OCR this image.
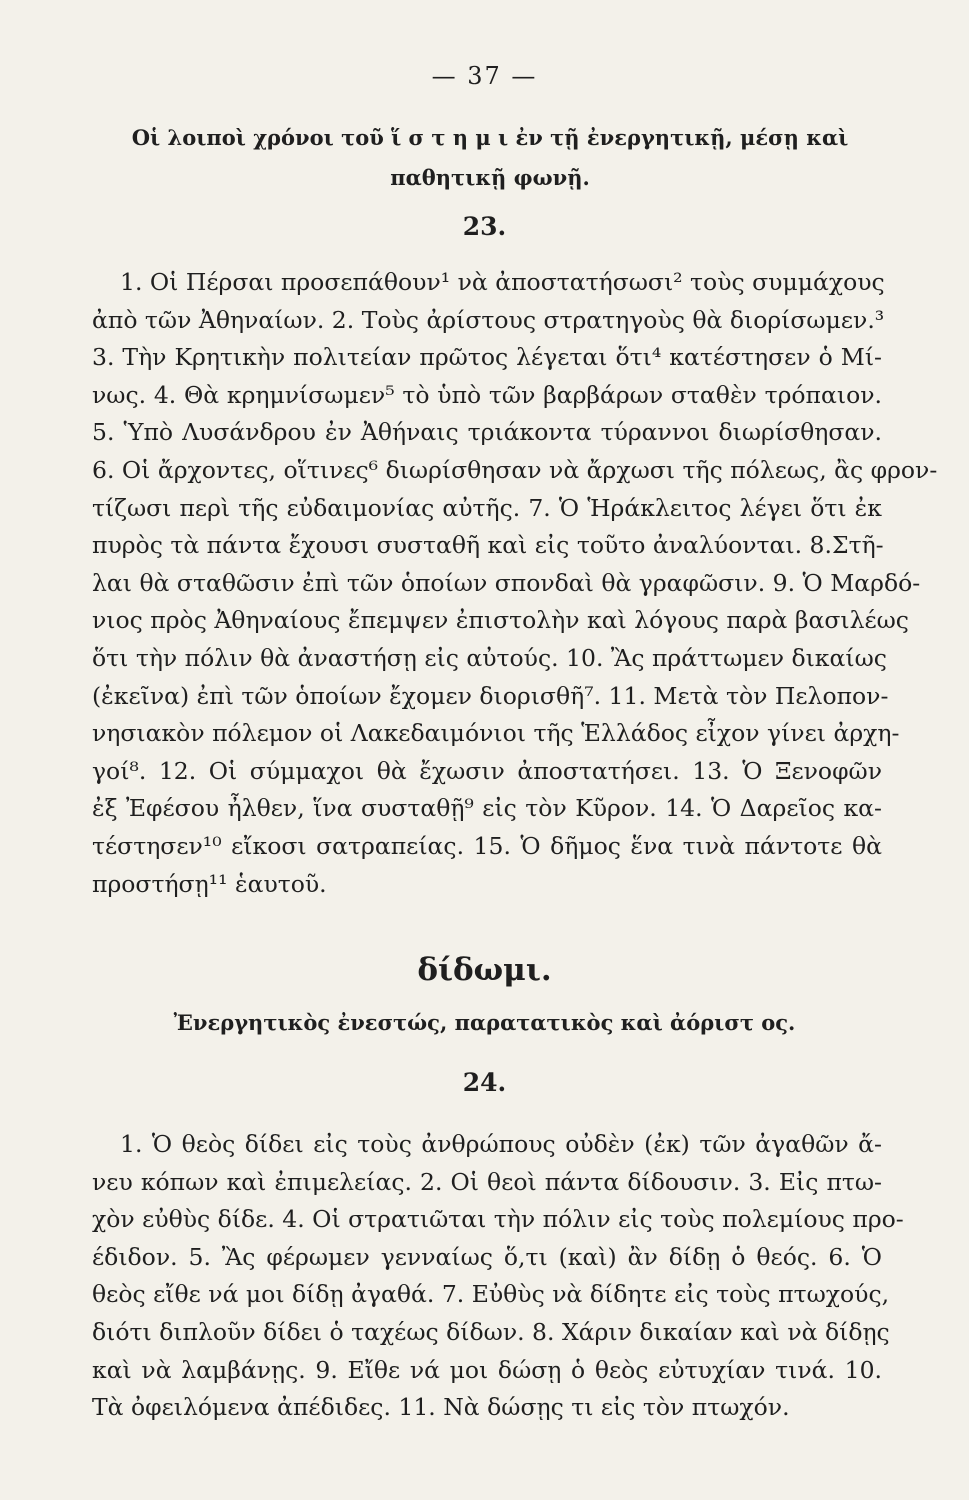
— 37 —
Οἱ λοιποὶ χρόνοι τοῦ ἵ σ τ η μ ι ἐν τῇ ἐνεργητικῇ, μέσῃ καὶ
παθητικῇ φωνῇ.
23.
1. Οἱ Πέρσαι προσεπάθουν¹ νὰ ἀποστατήσωσι² τοὺς συμμάχους
ἀπὸ τῶν Ἀθηναίων. 2. Τοὺς ἀρίστους στρατηγοὺς θὰ διορίσωμεν.³
3. Τὴν Κρητικὴν πολιτείαν πρῶτος λέγεται ὅτι⁴ κατέστησεν ὁ Μί-
νως. 4. Θὰ κρημνίσωμεν⁵ τὸ ὑπὸ τῶν βαρβάρων σταθὲν τρόπαιον.
5. Ὑπὸ Λυσάνδρου ἐν Ἀθήναις τριάκοντα τύραννοι διωρίσθησαν.
6. Οἱ ἄρχοντες, οἵτινες⁶ διωρίσθησαν νὰ ἄρχωσι τῆς πόλεως, ἂς φρον-
τίζωσι περὶ τῆς εὐδαιμονίας αὐτῆς. 7. Ὁ Ἡράκλειτος λέγει ὅτι ἐκ
πυρὸς τὰ πάντα ἔχουσι συσταθῆ καὶ εἰς τοῦτο ἀναλύονται. 8.Στῆ-
λαι θὰ σταθῶσιν ἐπὶ τῶν ὁποίων σπονδαὶ θὰ γραφῶσιν. 9. Ὁ Μαρδό-
νιος πρὸς Ἀθηναίους ἔπεμψεν ἐπιστολὴν καὶ λόγους παρὰ βασιλέως
ὅτι τὴν πόλιν θὰ ἀναστήσῃ εἰς αὐτούς. 10. Ἂς πράττωμεν δικαίως
(ἐκεῖνα) ἐπὶ τῶν ὁποίων ἔχομεν διορισθῆ⁷. 11. Μετὰ τὸν Πελοπον-
νησιακὸν πόλεμον οἱ Λακεδαιμόνιοι τῆς Ἑλλάδος εἶχον γίνει ἀρχη-
γοί⁸. 12. Οἱ σύμμαχοι θὰ ἔχωσιν ἀποστατήσει. 13. Ὁ Ξενοφῶν
ἐξ Ἐφέσου ἦλθεν, ἵνα συσταθῇ⁹ εἰς τὸν Κῦρον. 14. Ὁ Δαρεῖος κα-
τέστησεν¹⁰ εἴκοσι σατραπείας. 15. Ὁ δῆμος ἕνα τινὰ πάντοτε θὰ
προστήσῃ¹¹ ἑαυτοῦ.
δίδωμι.
Ἐνεργητικὸς ἐνεστώς, παρατατικὸς καὶ ἀόριστ ος.
24.
1. Ὁ θεὸς δίδει εἰς τοὺς ἀνθρώπους οὐδὲν (ἐκ) τῶν ἀγαθῶν ἄ-
νευ κόπων καὶ ἐπιμελείας. 2. Οἱ θεοὶ πάντα δίδουσιν. 3. Εἰς πτω-
χὸν εὐθὺς δίδε. 4. Οἱ στρατιῶται τὴν πόλιν εἰς τοὺς πολεμίους προ-
έδιδον. 5. Ἂς φέρωμεν γενναίως ὅ,τι (καὶ) ἂν δίδῃ ὁ θεός. 6. Ὁ
θεὸς εἴθε νά μοι δίδῃ ἀγαθά. 7. Εὐθὺς νὰ δίδητε εἰς τοὺς πτωχούς,
διότι διπλοῦν δίδει ὁ ταχέως δίδων. 8. Χάριν δικαίαν καὶ νὰ δίδῃς
καὶ νὰ λαμβάνῃς. 9. Εἴθε νά μοι δώσῃ ὁ θεὸς εὐτυχίαν τινά. 10.
Τὰ ὀφειλόμενα ἀπέδιδες. 11. Νὰ δώσῃς τι εἰς τὸν πτωχόν.
